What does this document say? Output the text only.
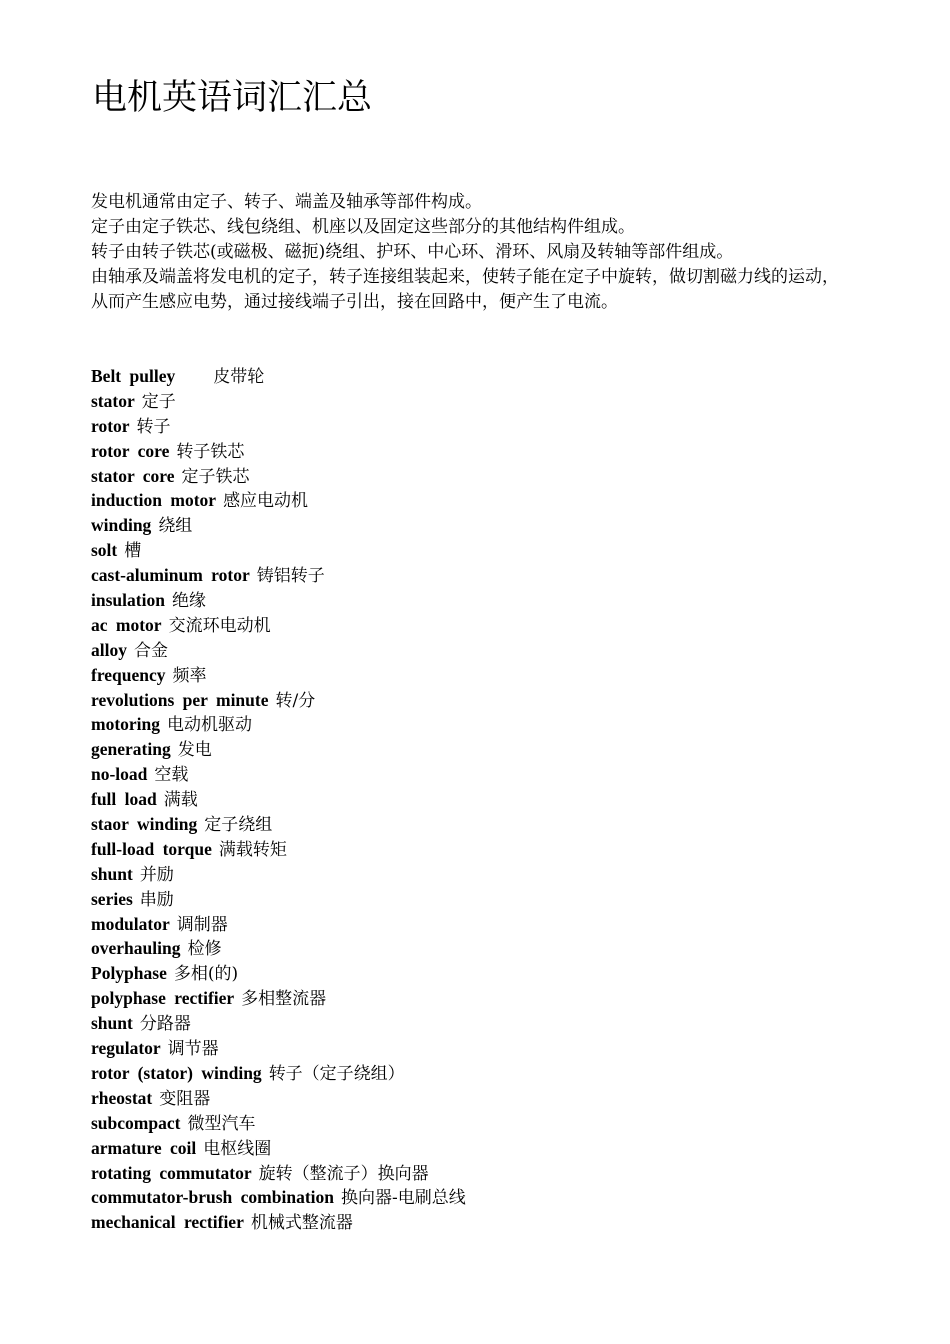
电机英语词汇汇总

发电机通常由定子、转子、端盖及轴承等部件构成。

定子由定子铁芯、线包绕组、机座以及固定这些部分的其他结构件组成。

转子由转子铁芯(或磁极、磁扼)绕组、护环、中心环、滑环、风扇及转轴等部件组成。

由轴承及端盖将发电机的定子，转子连接组装起来，使转子能在定子中旋转，做切割磁力线的运动，

从而产生感应电势，通过接线端子引出，接在回路中，便产生了电流。

Belt pulley 皮带轮
stator 定子
rotor 转子
rotor core 转子铁芯
stator core 定子铁芯
induction motor 感应电动机
winding 绕组
solt 槽
cast-aluminum rotor 铸铝转子
insulation 绝缘
ac motor 交流环电动机
alloy 合金
frequency 频率
revolutions per minute 转/分
motoring 电动机驱动
generating 发电
no-load 空载
full load 满载
staor winding 定子绕组
full-load torque 满载转矩
shunt 并励
series 串励
modulator 调制器
overhauling 检修
Polyphase 多相(的)
polyphase rectifier 多相整流器
shunt 分路器
regulator 调节器
rotor (stator) winding 转子（定子绕组）
rheostat 变阻器
subcompact 微型汽车
armature coil 电枢线圈
rotating commutator 旋转（整流子）换向器
commutator-brush combination 换向器-电刷总线
mechanical rectifier 机械式整流器
